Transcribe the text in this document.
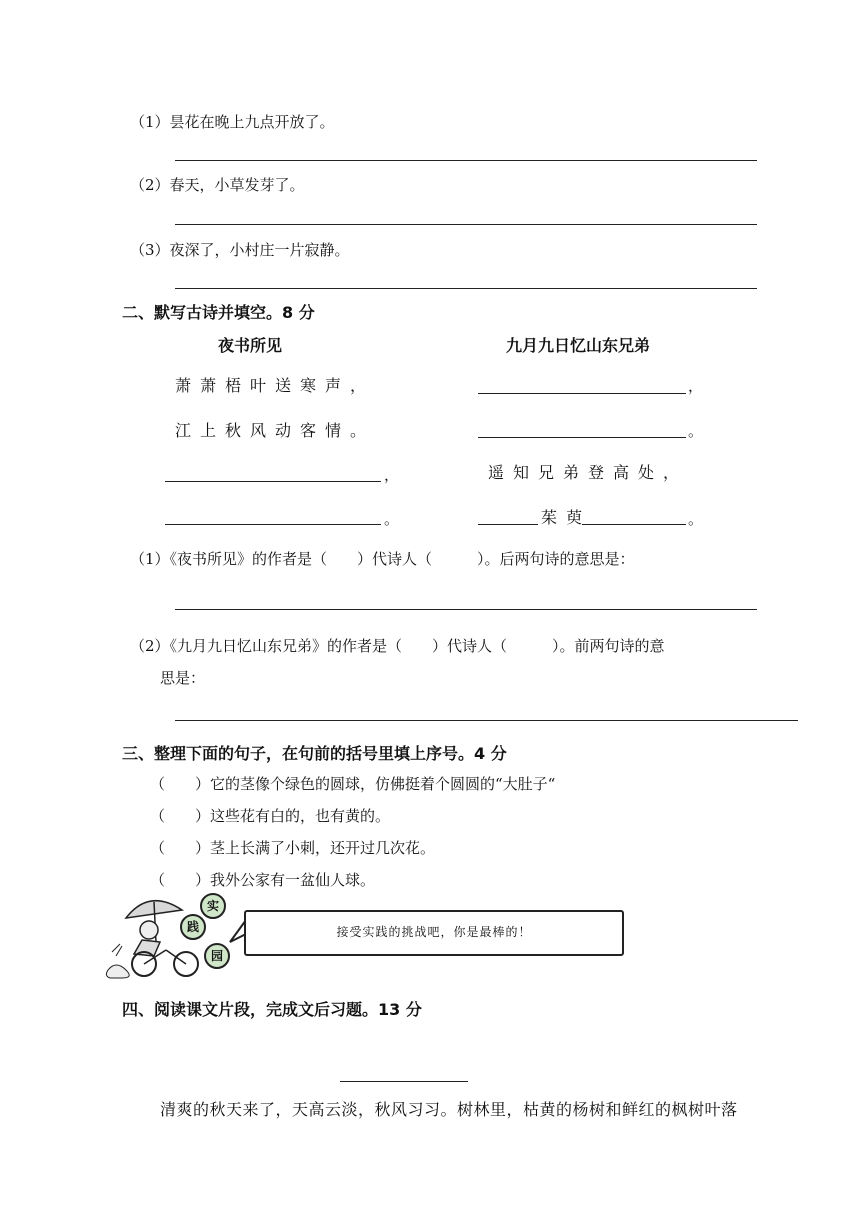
（1）昙花在晚上九点开放了。
（2）春天，小草发芽了。
（3）夜深了，小村庄一片寂静。
二、默写古诗并填空。8 分
夜书所见	九月九日忆山东兄弟
萧萧梧叶送寒声，	，
江上秋风动客情。	。
，	遥知兄弟登高处，
。	茱 萸	。
（1）《夜书所见》的作者是（　　）代诗人（　　　）。后两句诗的意思是：
（2）《九月九日忆山东兄弟》的作者是（　　）代诗人（　　　）。前两句诗的意
思是：
三、整理下面的句子，在句前的括号里填上序号。4 分
（　　）它的茎像个绿色的圆球，仿佛挺着个圆圆的“大肚子“
（　　）这些花有白的，也有黄的。
（　　）茎上长满了小刺，还开过几次花。
（　　）我外公家有一盆仙人球。
实
践
园
接受实践的挑战吧，你是最棒的！
四、阅读课文片段，完成文后习题。13 分
清爽的秋天来了，天高云淡，秋风习习。树林里，枯黄的杨树和鲜红的枫树叶落
